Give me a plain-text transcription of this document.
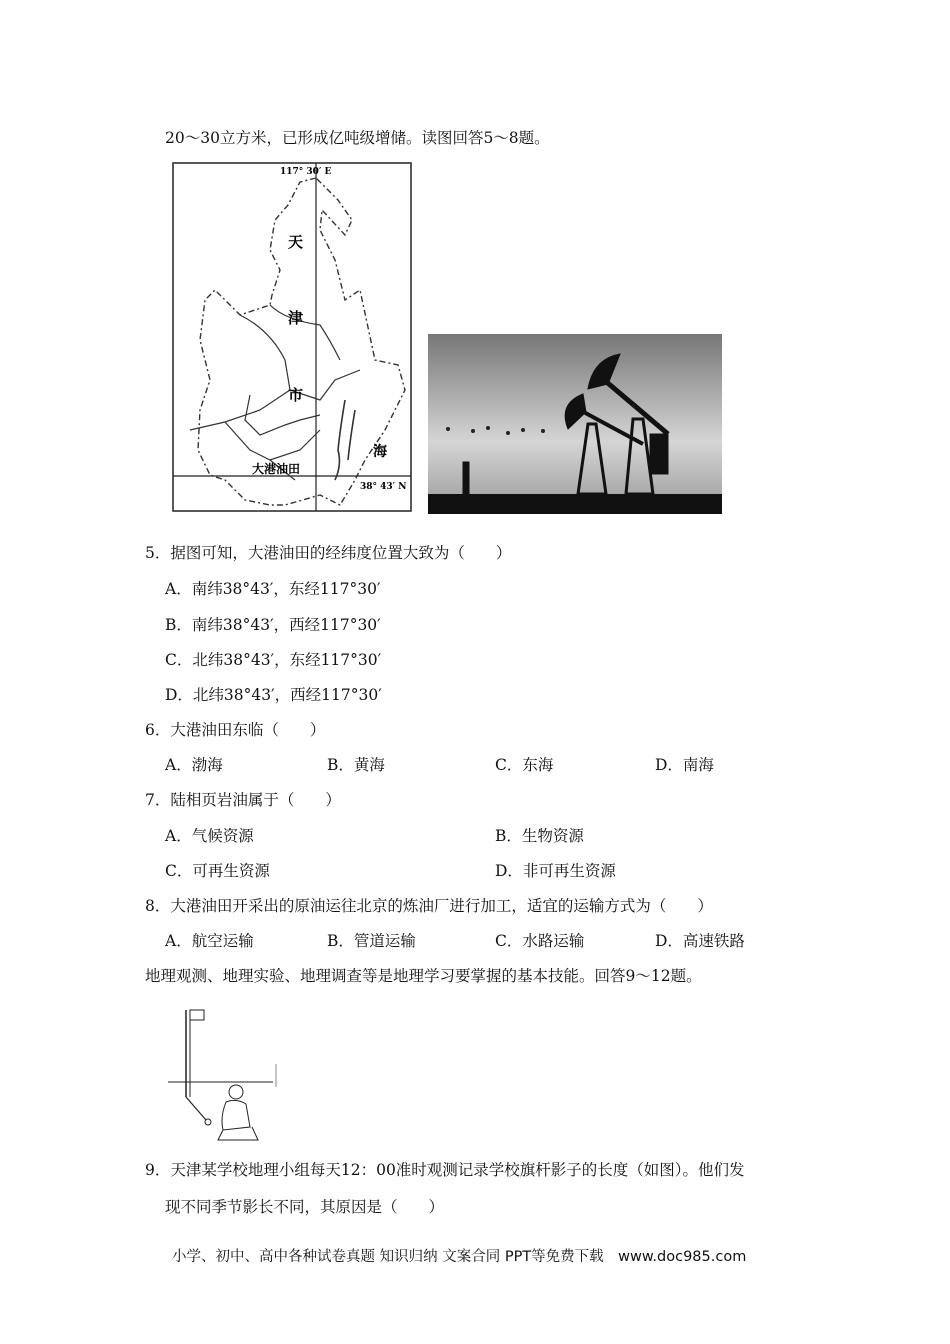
20～30立方米，已形成亿吨级增储。读图回答5～8题。
117° 30′ E
38° 43′ N
天
津
市
海
大港油田
5．据图可知，大港油田的经纬度位置大致为（　　）
A．南纬38°43′，东经117°30′
B．南纬38°43′，西经117°30′
C．北纬38°43′，东经117°30′
D．北纬38°43′，西经117°30′
6．大港油田东临（　　）
A．渤海	B．黄海	C．东海	D．南海
7．陆相页岩油属于（　　）
A．气候资源	B．生物资源
C．可再生资源	D．非可再生资源
8．大港油田开采出的原油运往北京的炼油厂进行加工，适宜的运输方式为（　　）
A．航空运输	B．管道运输	C．水路运输	D．高速铁路
地理观测、地理实验、地理调查等是地理学习要掌握的基本技能。回答9～12题。
9．天津某学校地理小组每天12：00准时观测记录学校旗杆影子的长度（如图）。他们发
现不同季节影长不同，其原因是（　　）
小学、初中、高中各种试卷真题 知识归纳 文案合同 PPT等免费下载　www.doc985.com
